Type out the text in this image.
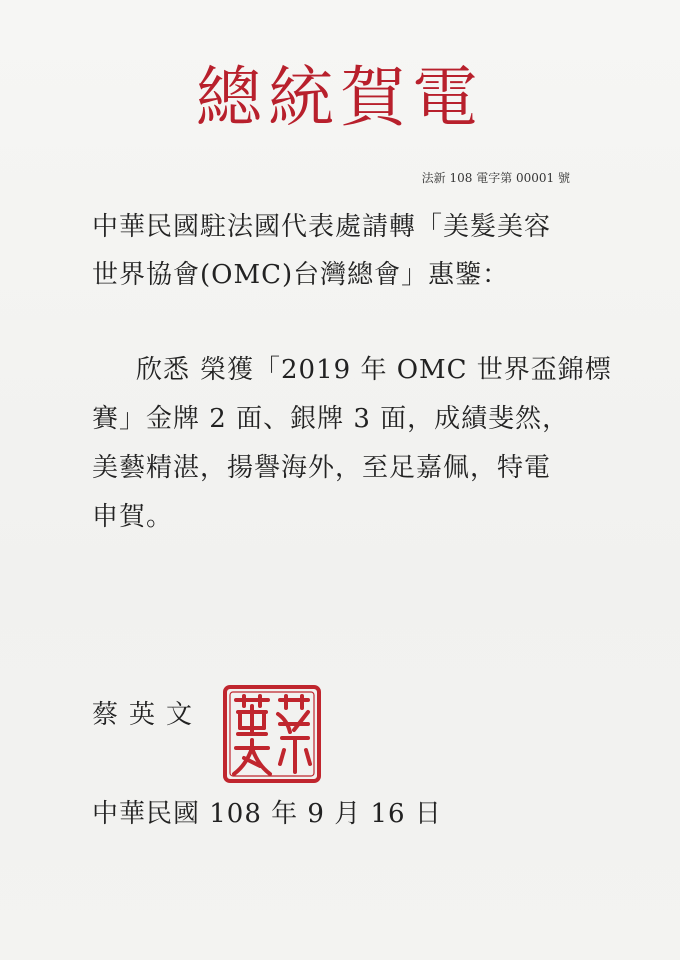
總統賀電
法新 108 電字第 00001 號
中華民國駐法國代表處請轉「美髮美容
世界協會(OMC)台灣總會」惠鑒：
欣悉 榮獲「2019 年 OMC 世界盃錦標
賽」金牌 2 面、銀牌 3 面，成績斐然，
美藝精湛，揚譽海外，至足嘉佩，特電
申賀。
蔡英文
中華民國 108 年 9 月 16 日
